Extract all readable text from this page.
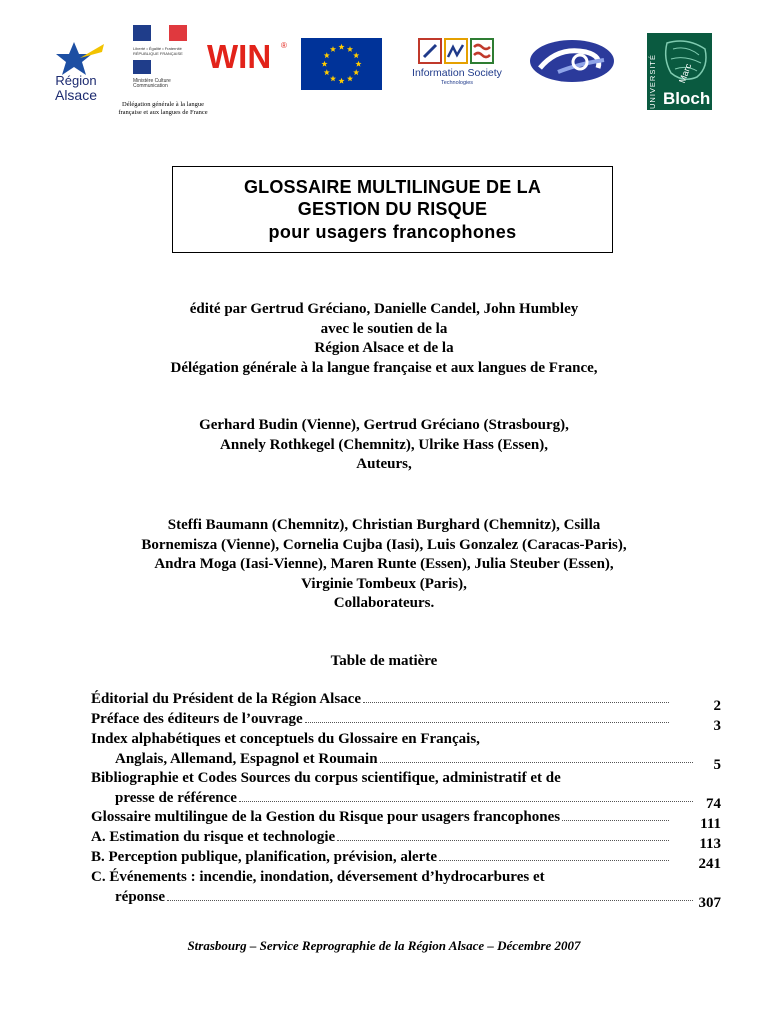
Région
Alsace
Liberté • Égalité • Fraternité RÉPUBLIQUE FRANÇAISE
Ministère Culture Communication
Délégation générale à la langue française et aux langues de France
WIN ®
Information Society
Technologies	UNIVERSITÉ Marc
Bloch
GLOSSAIRE MULTILINGUE DE LA
GESTION DU RISQUE
pour usagers francophones
édité par Gertrud Gréciano, Danielle Candel, John Humbley
avec le soutien de la
Région Alsace et de la
Délégation générale à la langue française et aux langues de France,
Gerhard Budin (Vienne), Gertrud Gréciano (Strasbourg),
Annely Rothkegel (Chemnitz), Ulrike Hass (Essen),
Auteurs,
Steffi Baumann (Chemnitz), Christian Burghard (Chemnitz), Csilla
Bornemisza (Vienne), Cornelia Cujba (Iasi), Luis Gonzalez (Caracas-Paris),
Andra Moga (Iasi-Vienne), Maren Runte (Essen), Julia Steuber (Essen),
Virginie Tombeux (Paris),
Collaborateurs.
Table de matière
Éditorial du Président de la Région Alsace	2
Préface des éditeurs de l’ouvrage	3
Index alphabétiques et conceptuels du Glossaire en Français,
Anglais, Allemand, Espagnol et Roumain	5
Bibliographie et Codes Sources du corpus scientifique, administratif et de
presse de référence	74
Glossaire multilingue de la Gestion du Risque pour usagers francophones	111
A. Estimation du risque et technologie	113
B. Perception publique, planification, prévision, alerte	241
C. Événements : incendie, inondation, déversement d’hydrocarbures et
réponse	307
Strasbourg – Service Reprographie de la Région Alsace – Décembre 2007
